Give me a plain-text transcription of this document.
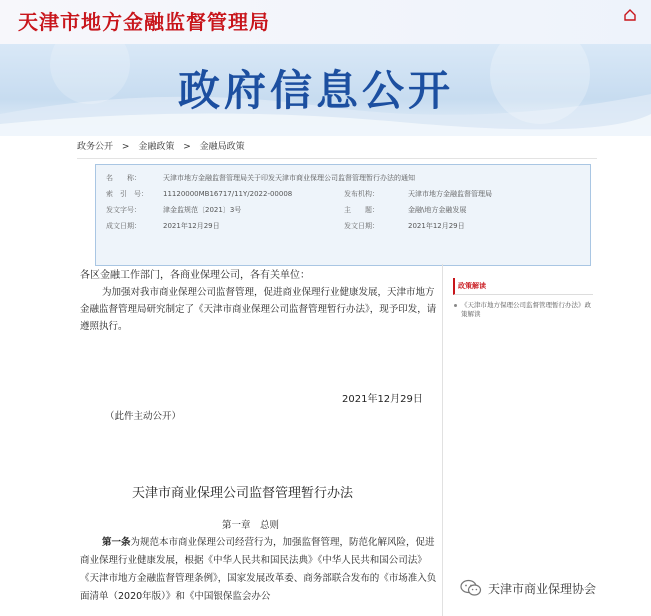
天津市地方金融监督管理局
政府信息公开
政务公开 > 金融政策 > 金融局政策
名　　称：	天津市地方金融监督管理局关于印发天津市商业保理公司监督管理暂行办法的通知
索　引　号：	11120000MB16717/11Y/2022-00008	发布机构：	天津市地方金融监督管理局
发文字号：	津金监规范〔2021〕3号	主　　题：	金融\地方金融发展
成文日期：	2021年12月29日	发文日期：	2021年12月29日
各区金融工作部门，各商业保理公司，各有关单位：
为加强对我市商业保理公司监督管理，促进商业保理行业健康发展，天津市地方金融监督管理局研究制定了《天津市商业保理公司监督管理暂行办法》，现予印发，请遵照执行。
2021年12月29日
（此件主动公开）
天津市商业保理公司监督管理暂行办法
第一章　总则
第一条为规范本市商业保理公司经营行为，加强监督管理，防范化解风险，促进商业保理行业健康发展，根据《中华人民共和国民法典》《中华人民共和国公司法》《天津市地方金融监督管理条例》，国家发展改革委、商务部联合发布的《市场准入负面清单（2020年版）》和《中国银保监会办公
政策解读
《天津市地方保理公司监督管理暂行办法》政策解读
天津市商业保理协会
